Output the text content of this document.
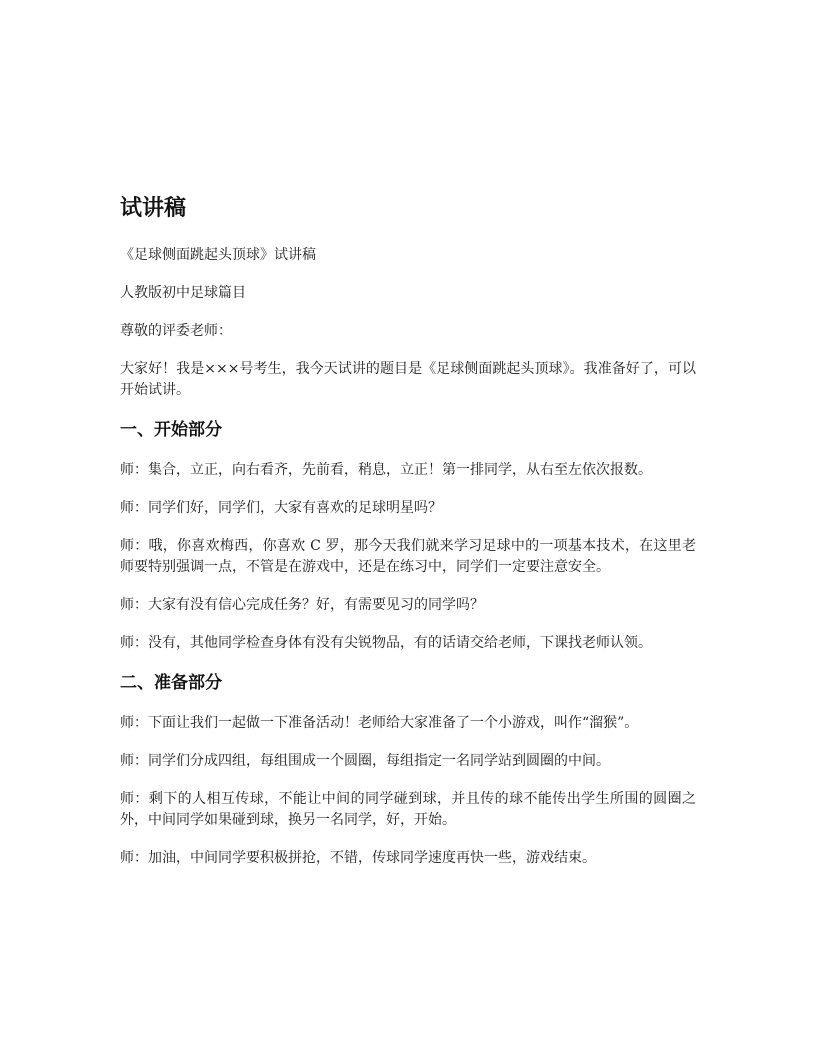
试讲稿

《足球侧面跳起头顶球》试讲稿

人教版初中足球篇目

尊敬的评委老师：

大家好！我是×××号考生，我今天试讲的题目是《足球侧面跳起头顶球》。我准备好了，可以开始试讲。

一、开始部分

师：集合，立正，向右看齐，先前看，稍息，立正！第一排同学，从右至左依次报数。

师：同学们好，同学们，大家有喜欢的足球明星吗？

师：哦，你喜欢梅西，你喜欢 C 罗，那今天我们就来学习足球中的一项基本技术，在这里老师要特别强调一点，不管是在游戏中，还是在练习中，同学们一定要注意安全。

师：大家有没有信心完成任务？好，有需要见习的同学吗？

师：没有，其他同学检查身体有没有尖锐物品，有的话请交给老师，下课找老师认领。

二、准备部分

师：下面让我们一起做一下准备活动！老师给大家准备了一个小游戏，叫作“溜猴”。

师：同学们分成四组，每组围成一个圆圈，每组指定一名同学站到圆圈的中间。

师：剩下的人相互传球，不能让中间的同学碰到球，并且传的球不能传出学生所围的圆圈之外，中间同学如果碰到球，换另一名同学，好，开始。

师：加油，中间同学要积极拼抢，不错，传球同学速度再快一些，游戏结束。
